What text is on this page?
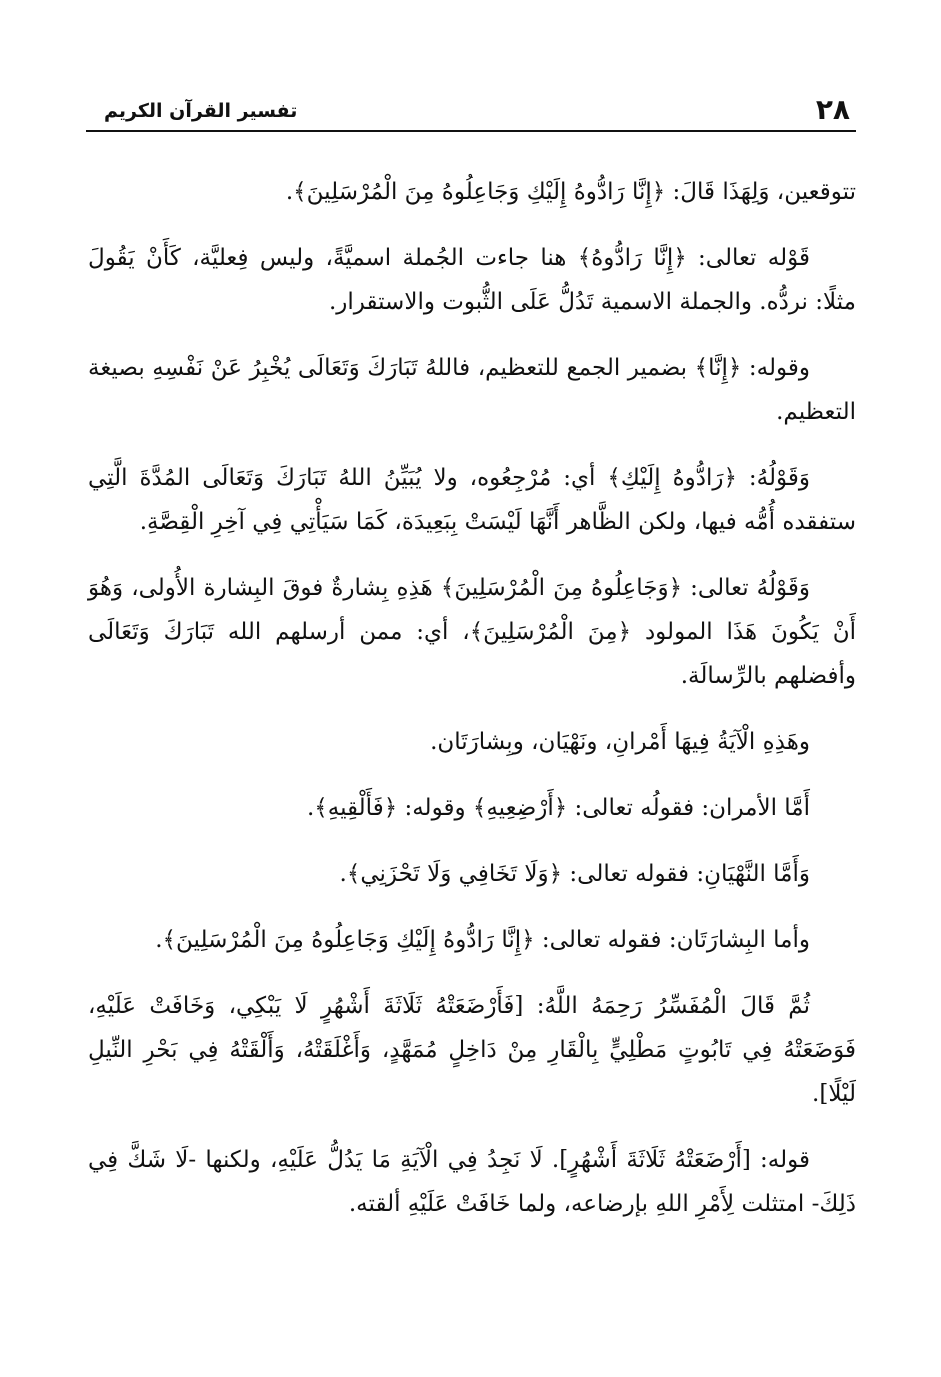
٢٨
تفسير القرآن الكريم

تتوقعين، وَلِهَذَا قَالَ: ﴿إِنَّا رَادُّوهُ إِلَيْكِ وَجَاعِلُوهُ مِنَ الْمُرْسَلِينَ﴾.

قَوْله تعالى: ﴿إِنَّا رَادُّوهُ﴾ هنا جاءت الجُملة اسميَّةً، وليس فِعليَّة، كَأَنْ يَقُولَ مثلًا: نردُّه. والجملة الاسمية تَدُلُّ عَلَى الثُّبوت والاستقرار.

وقوله: ﴿إِنَّا﴾ بضمير الجمع للتعظيم، فاللهُ تَبَارَكَ وَتَعَالَى يُخْبِرُ عَنْ نَفْسِهِ بصيغة التعظيم.

وَقَوْلُهُ: ﴿رَادُّوهُ إِلَيْكِ﴾ أي: مُرْجِعُوه، ولا يُبَيِّنُ اللهُ تَبَارَكَ وَتَعَالَى المُدَّةَ الَّتِي ستفقده أُمُّه فيها، ولكن الظَّاهر أَنَّهَا لَيْسَتْ بِبَعِيدَة، كَمَا سَيَأْتِي فِي آخِرِ الْقِصَّةِ.

وَقَوْلُهُ تعالى: ﴿وَجَاعِلُوهُ مِنَ الْمُرْسَلِينَ﴾ هَذِهِ بِشارةٌ فوقَ البِشارة الأُولى، وَهُوَ أَنْ يَكُونَ هَذَا المولود ﴿مِنَ الْمُرْسَلِينَ﴾، أي: ممن أرسلهم الله تَبَارَكَ وَتَعَالَى وأفضلهم بالرِّسالَة.

وهَذِهِ الْآيَةُ فِيهَا أَمْرانِ، ونَهْيَان، وبِشارَتَان.

أَمَّا الأمران: فقولُه تعالى: ﴿أَرْضِعِيهِ﴾ وقوله: ﴿فَأَلْقِيهِ﴾.

وَأَمَّا النَّهْيَانِ: فقوله تعالى: ﴿وَلَا تَخَافِي وَلَا تَحْزَنِي﴾.

وأما البِشارَتَان: فقوله تعالى: ﴿إِنَّا رَادُّوهُ إِلَيْكِ وَجَاعِلُوهُ مِنَ الْمُرْسَلِينَ﴾.

ثُمَّ قَالَ الْمُفَسِّرُ رَحِمَهُ اللَّهُ: [فَأَرْضَعَتْهُ ثَلَاثَةَ أَشْهُرٍ لَا يَبْكِي، وَخَافَتْ عَلَيْهِ، فَوَضَعَتْهُ فِي تَابُوتٍ مَطْلِيٍّ بِالْقَارِ مِنْ دَاخِلٍ مُمَهَّدٍ، وَأَغْلَقَتْهُ، وَأَلْقَتْهُ فِي بَحْرِ النِّيلِ لَيْلًا].

قوله: [أَرْضَعَتْهُ ثَلَاثَةَ أَشْهُرٍ]. لَا نَجِدُ فِي الْآيَةِ مَا يَدُلُّ عَلَيْهِ، ولكنها -لَا شَكَّ فِي ذَلِكَ- امتثلت لِأَمْرِ اللهِ بإرضاعه، ولما خَافَتْ عَلَيْهِ ألقته.
